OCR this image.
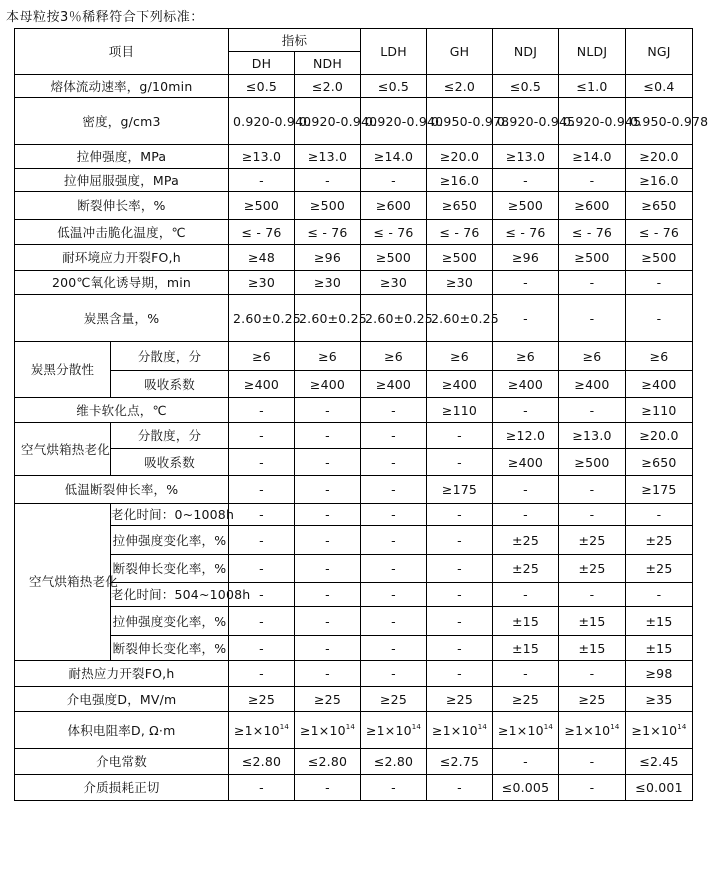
本母粒按3％稀释符合下列标准：
项目		指标		LDH	GH	NDJ	NLDJ	NGJ
		DH	NDH					
熔体流动速率，g/10min		≤0.5	≤2.0	≤0.5	≤2.0	≤0.5	≤1.0	≤0.4
密度，g/cm3		0.920-0.940	0.920-0.940	0.920-0.940	0.950-0.978	0.920-0.945	0.920-0.945	0.950-0.978
拉伸强度，MPa		≥13.0	≥13.0	≥14.0	≥20.0	≥13.0	≥14.0	≥20.0
拉伸屈服强度，MPa		-	-	-	≥16.0	-	-	≥16.0
断裂伸长率，%		≥500	≥500	≥600	≥650	≥500	≥600	≥650
低温冲击脆化温度，℃		≤ - 76	≤ - 76	≤ - 76	≤ - 76	≤ - 76	≤ - 76	≤ - 76
耐环境应力开裂FO,h		≥48	≥96	≥500	≥500	≥96	≥500	≥500
200℃氧化诱导期，min		≥30	≥30	≥30	≥30	-	-	-
炭黑含量，%		2.60±0.25	2.60±0.25	2.60±0.25	2.60±0.25	-	-	-
炭黑分散性	分散度，分	≥6	≥6	≥6	≥6	≥6	≥6	≥6
	吸收系数	≥400	≥400	≥400	≥400	≥400	≥400	≥400
维卡软化点，℃		-	-	-	≥110	-	-	≥110
空气烘箱热老化	分散度，分	-	-	-	-	≥12.0	≥13.0	≥20.0
	吸收系数	-	-	-	-	≥400	≥500	≥650
低温断裂伸长率，%		-	-	-	≥175	-	-	≥175
空气烘箱热老化	老化时间：0~1008h	-	-	-	-	-	-	-
	拉伸强度变化率，%	-	-	-	-	±25	±25	±25
	断裂伸长变化率，%	-	-	-	-	±25	±25	±25
	老化时间：504~1008h	-	-	-	-	-	-	-
	拉伸强度变化率，%	-	-	-	-	±15	±15	±15
	断裂伸长变化率，%	-	-	-	-	±15	±15	±15
耐热应力开裂FO,h		-	-	-	-	-	-	≥98
介电强度D，MV/m		≥25	≥25	≥25	≥25	≥25	≥25	≥35
体积电阻率D, Ω·m		$\ge 1\times 10^{14}$	$\ge 1\times 10^{14}$	$\ge 1\times 10^{14}$	$\ge 1\times 10^{14}$	$\ge 1\times 10^{14}$	$\ge 1\times 10^{14}$	$\ge 1\times 10^{14}$
介电常数		≤2.80	≤2.80	≤2.80	≤2.75	-	-	≤2.45
介质损耗正切		-	-	-	-	≤0.005	-	≤0.001
